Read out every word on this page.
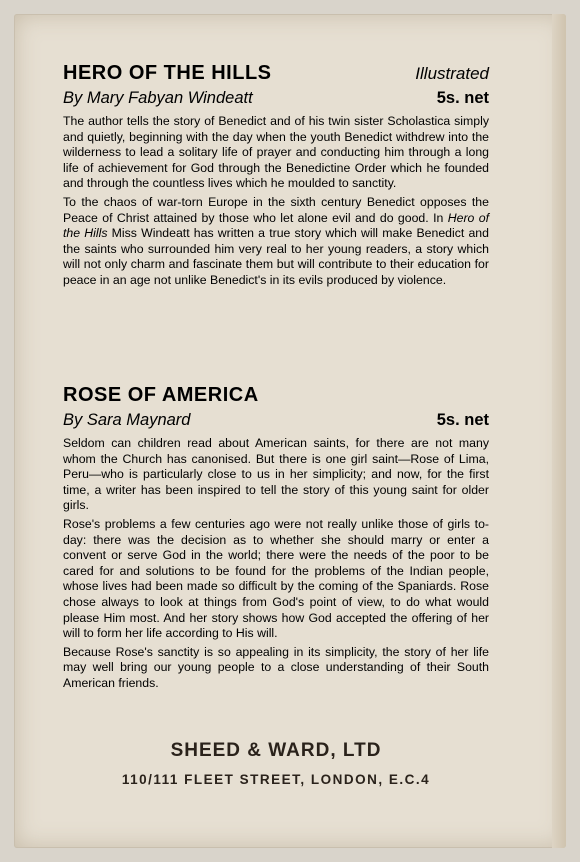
HERO OF THE HILLS	Illustrated
By Mary Fabyan Windeatt	5s. net

The author tells the story of Benedict and of his twin sister Scholastica simply and quietly, beginning with the day when the youth Benedict withdrew into the wilderness to lead a solitary life of prayer and conducting him through a long life of achievement for God through the Benedictine Order which he founded and through the countless lives which he moulded to sanctity.

To the chaos of war-torn Europe in the sixth century Benedict opposes the Peace of Christ attained by those who let alone evil and do good. In Hero of the Hills Miss Windeatt has written a true story which will make Benedict and the saints who surrounded him very real to her young readers, a story which will not only charm and fascinate them but will contribute to their education for peace in an age not unlike Benedict's in its evils produced by violence.

ROSE OF AMERICA
By Sara Maynard	5s. net

Seldom can children read about American saints, for there are not many whom the Church has canonised. But there is one girl saint—Rose of Lima, Peru—who is particularly close to us in her simplicity; and now, for the first time, a writer has been inspired to tell the story of this young saint for older girls.

Rose's problems a few centuries ago were not really unlike those of girls to-day: there was the decision as to whether she should marry or enter a convent or serve God in the world; there were the needs of the poor to be cared for and solutions to be found for the problems of the Indian people, whose lives had been made so difficult by the coming of the Spaniards. Rose chose always to look at things from God's point of view, to do what would please Him most. And her story shows how God accepted the offering of her will to form her life according to His will.

Because Rose's sanctity is so appealing in its simplicity, the story of her life may well bring our young people to a close understanding of their South American friends.

SHEED & WARD, LTD
110/111 FLEET STREET, LONDON, E.C.4
